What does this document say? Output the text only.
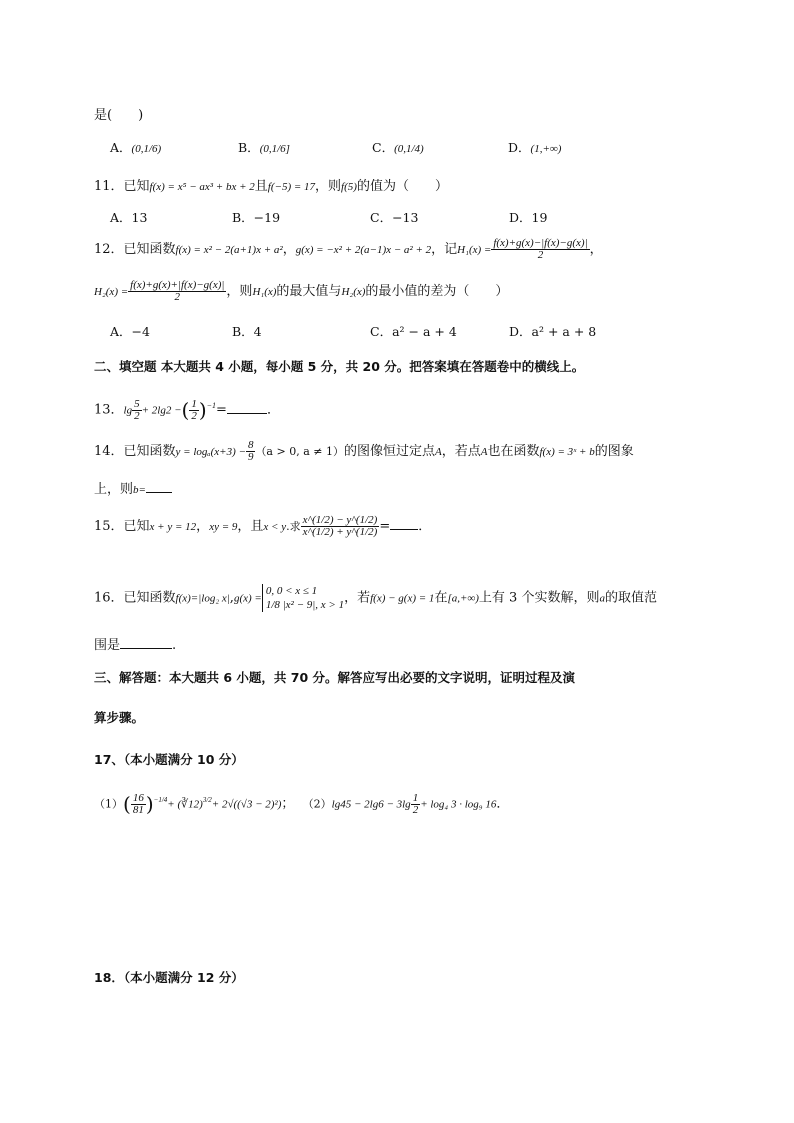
是(　　)
A．(0,1/6)	B．(0,1/6]	C．(0,1/4)	D．(1,+∞)
11．已知f(x) = x⁵ − ax³ + bx + 2且f(−5) = 17，则f(5)的值为（　　）
A．13	B．−19	C．−13	D．19
12．已知函数f(x) = x² − 2(a+1)x + a²，g(x) = −x² + 2(a−1)x − a² + 2，记$H_1(x) = \frac{f(x)+g(x)-|f(x)-g(x)|}{2}$ ，
$H_2(x) = \frac{f(x)+g(x)+|f(x)-g(x)|}{2}$ ，则H₁(x)的最大值与H₂(x)的最小值的差为（　　）
A．−4	B．4	C．a² − a + 4	D．a² + a + 8
二、填空题 本大题共 4 小题，每小题 5 分，共 20 分。把答案填在答题卷中的横线上。
13．$\lg \frac{5}{2} + 2\lg 2$ −( $\frac{1}{2} )^{-1}=$	．
14．已知函数$y = \log_a(x+3) - \frac{8}{9} (a > 0$, a ≠ 1）的图像恒过定点A，若点A也在函数f(x) = 3ˣ + b的图象
上，则b=
15．已知x + y = 12，xy = 9，且x < y.求 $\frac{x\^{}(1/2) - y\^{}(1/2)}{x\^{}(1/2) + y\^{}(1/2)}$ = ．
16．已知函数f(x)=|log₂ x|,g(x) =
0, 0 < x ≤ 1
1/8 |x² − 9|, x > 1 ，若f(x) − g(x) = 1在[a,+∞)上有 3 个实数解，则a的取值范
围是	.
三、解答题：本大题共 6 小题，共 70 分。解答应写出必要的文字说明，证明过程及演
算步骤。
17、（本小题满分 10 分）
$(1)( \frac{16}{81} )^{-1/4}+$ (∛12)$^{3/2}$+ 2√((√3 − 2)²)； $(2)\lg 45 - 2\lg 6 - 3\lg \frac{1}{2} + \log_4$ 3 · log₉ 16．
18．（本小题满分 12 分）
